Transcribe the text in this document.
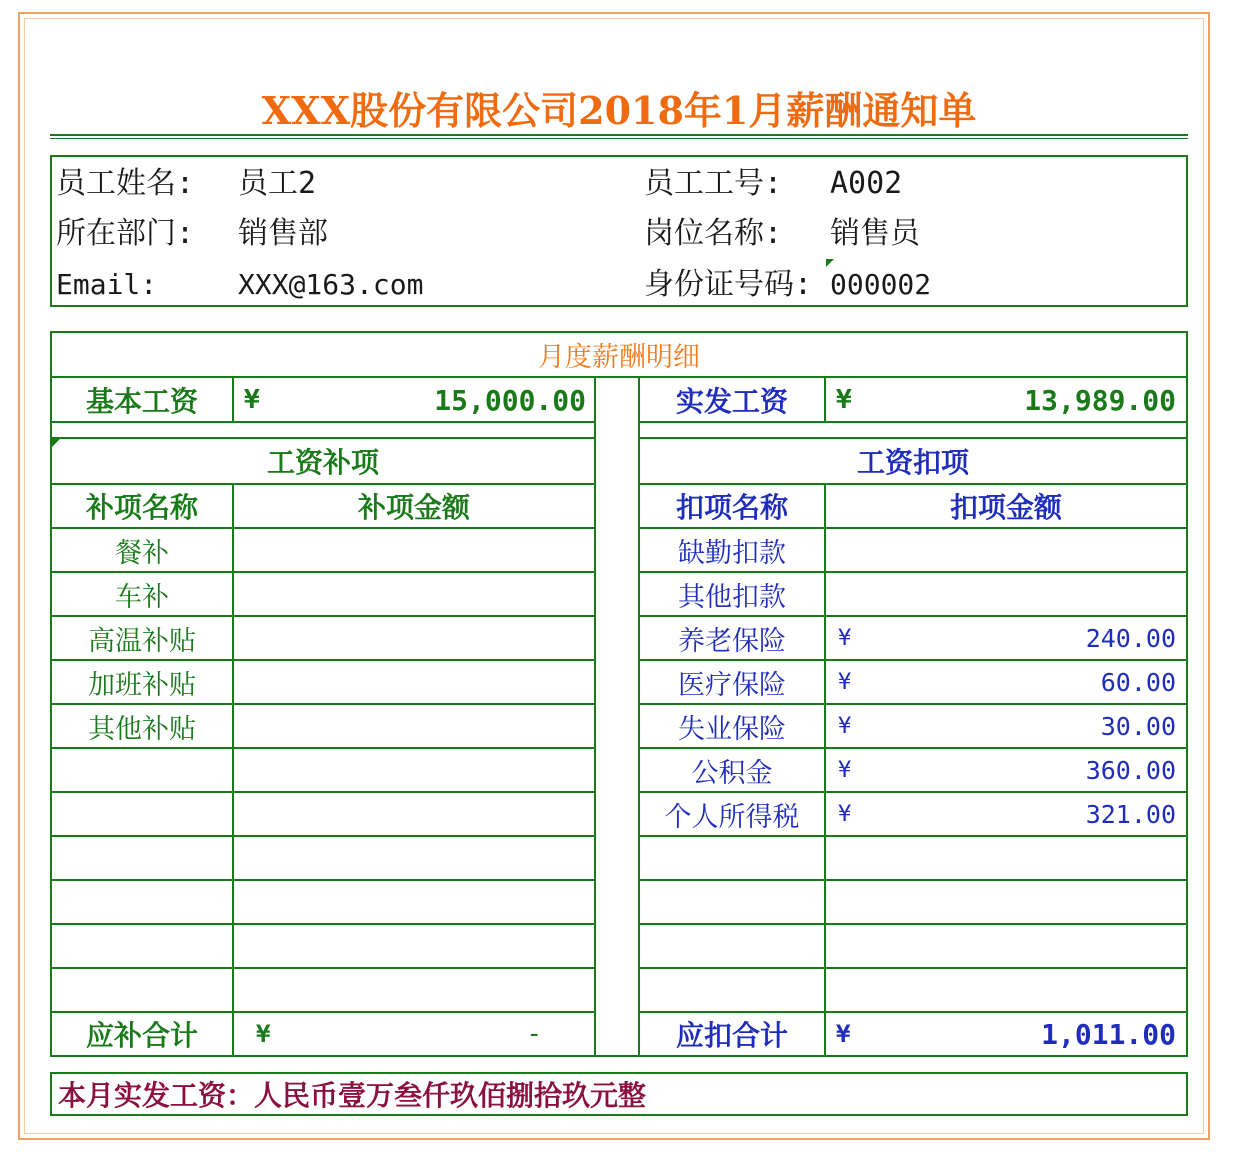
XXX股份有限公司2018年1月薪酬通知单
员工姓名: 员工2	员工工号: A002
所在部门: 销售部	岗位名称: 销售员
Email:	XXX@163.com	身份证号码: 000002
月度薪酬明细
基本工资	¥	15,000.00
工资补项
补项名称	补项金额
餐补
车补
高温补贴
加班补贴
其他补贴
应补合计	¥	-
实发工资	¥	13,989.00
工资扣项
扣项名称	扣项金额
缺勤扣款
其他扣款
养老保险	¥	240.00
医疗保险	¥	60.00
失业保险	¥	30.00
公积金	¥	360.00
个人所得税	¥	321.00
应扣合计	¥	1,011.00
本月实发工资：人民币壹万叁仟玖佰捌拾玖元整
